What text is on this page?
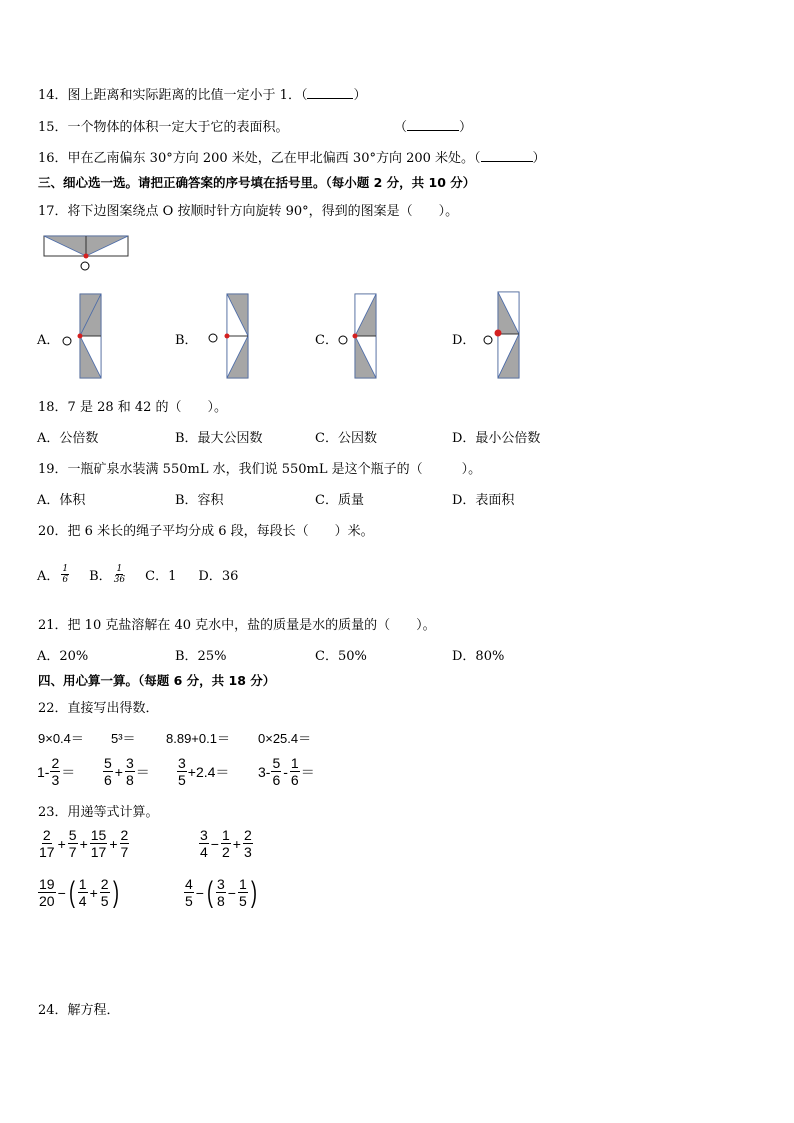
14．图上距离和实际距离的比值一定小于 1．（	）
15．一个物体的体积一定大于它的表面积。	（	）
16．甲在乙南偏东 30°方向 200 米处，乙在甲北偏西 30°方向 200 米处。（	）
三、细心选一选。请把正确答案的序号填在括号里。（每小题 2 分，共 10 分）
17．将下边图案绕点 O 按顺时针方向旋转 90°，得到的图案是（　　）。
A．	B．	C．	D．
18．7 是 28 和 42 的（　　）。
A．公倍数	B．最大公因数	C．公因数	D．最小公倍数
19．一瓶矿泉水装满 550mL 水，我们说 550mL 是这个瓶子的（　　　）。
A．体积	B．容积	C．质量	D．表面积
20．把 6 米长的绳子平均分成 6 段，每段长（　　）米。
A． $\frac{1}{6}$ B． $\frac{1}{36}$ C．1 D．36
21．把 10 克盐溶解在 40 克水中，盐的质量是水的质量的（　　）。
A．20%	B．25%	C．50%	D．80%
四、用心算一算。（每题 6 分，共 18 分）
22．直接写出得数．
9×0.4＝ 5³＝ 8.89+0.1＝ 0×25.4＝
$1- \frac{2}{3} = \frac{5}{6} + \frac{3}{8} = \frac{3}{5} +2.4= 3- \frac{5}{6} - \frac{1}{6}$ ＝
23．用递等式计算。
$\frac{2}{17} + \frac{5}{7} + \frac{15}{17} + \frac{2}{7}$	$\frac{3}{4} - \frac{1}{2} + \frac{2}{3}$
$\frac{19}{20}$ − ( $\frac{1}{4} + \frac{2}{5}$ )	$\frac{4}{5}$ − ( $\frac{3}{8} - \frac{1}{5}$ )
24．解方程．
